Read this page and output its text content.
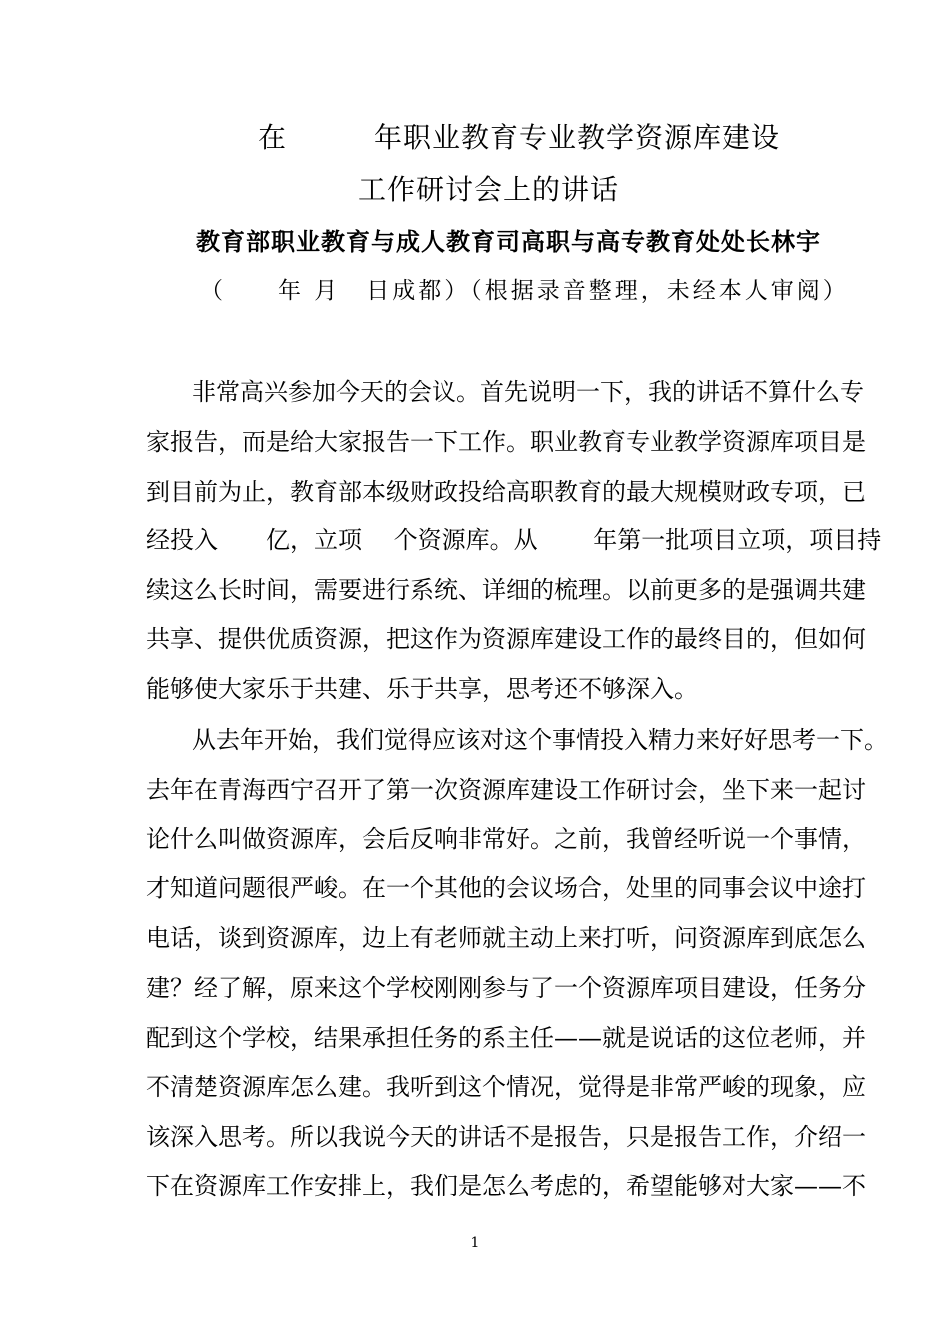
在　　　年职业教育专业教学资源库建设
工作研讨会上的讲话
教育部职业教育与成人教育司高职与高专教育处处长林宇
（　　年 月　日成都）（根据录音整理，未经本人审阅）
非常高兴参加今天的会议。首先说明一下，我的讲话不算什么专
家报告，而是给大家报告一下工作。职业教育专业教学资源库项目是
到目前为止，教育部本级财政投给高职教育的最大规模财政专项，已
经投入　　亿，立项　 个资源库。从　　 年第一批项目立项，项目持
续这么长时间，需要进行系统、详细的梳理。以前更多的是强调共建
共享、提供优质资源，把这作为资源库建设工作的最终目的，但如何
能够使大家乐于共建、乐于共享，思考还不够深入。
从去年开始，我们觉得应该对这个事情投入精力来好好思考一下。
去年在青海西宁召开了第一次资源库建设工作研讨会，坐下来一起讨
论什么叫做资源库，会后反响非常好。之前，我曾经听说一个事情，
才知道问题很严峻。在一个其他的会议场合，处里的同事会议中途打
电话，谈到资源库，边上有老师就主动上来打听，问资源库到底怎么
建？经了解，原来这个学校刚刚参与了一个资源库项目建设，任务分
配到这个学校，结果承担任务的系主任——就是说话的这位老师，并
不清楚资源库怎么建。我听到这个情况，觉得是非常严峻的现象，应
该深入思考。所以我说今天的讲话不是报告，只是报告工作，介绍一
下在资源库工作安排上，我们是怎么考虑的，希望能够对大家——不
1
